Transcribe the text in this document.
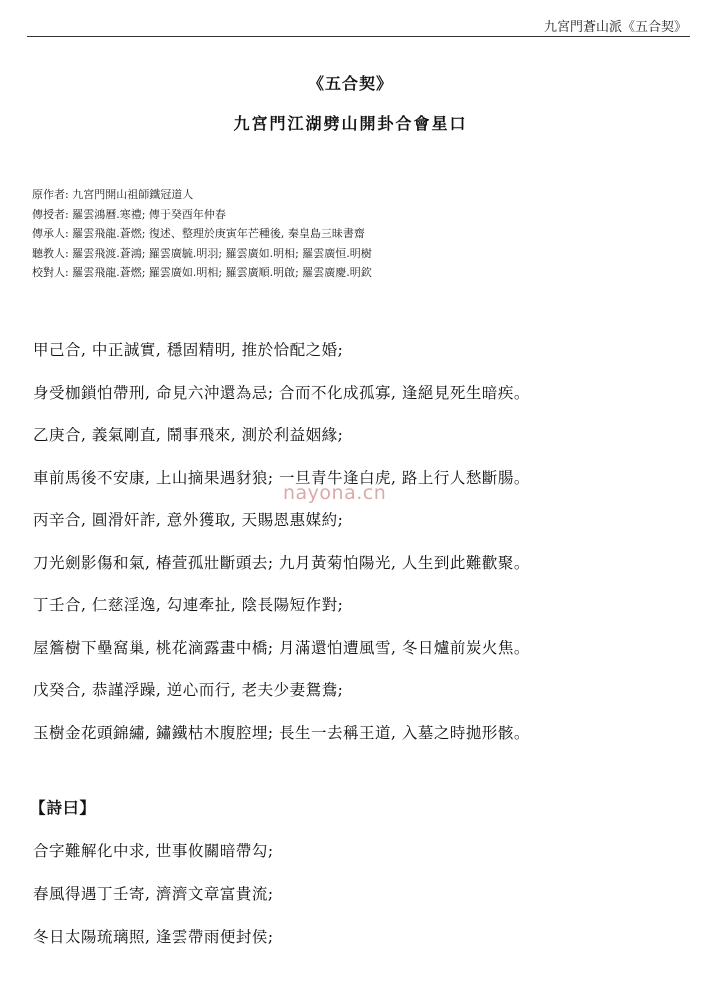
九宮門蒼山派《五合契》
《五合契》
九宮門江湖劈山開卦合會星口
原作者: 九宮門開山祖師鐵冠道人
傳授者: 羅雲鴻曆.寒禮; 傳于癸酉年仲春
傳承人: 羅雲飛龍.蒼燃; 復述、整理於庚寅年芒種後, 秦皇島三昧書齋
聽教人: 羅雲飛渡.蒼鴻; 羅雲廣毓.明羽; 羅雲廣如.明相; 羅雲廣恒.明樹
校對人: 羅雲飛龍.蒼燃; 羅雲廣如.明相; 羅雲廣順.明啟; 羅雲廣慶.明欽
甲己合, 中正誠實, 穩固精明, 推於恰配之婚;
身受枷鎖怕帶刑, 命見六沖還為忌; 合而不化成孤寡, 逢絕見死生暗疾。
乙庚合, 義氣剛直, 鬧事飛來, 測於利益姻緣;
車前馬後不安康, 上山摘果遇豺狼; 一旦青牛逢白虎, 路上行人愁斷腸。
丙辛合, 圓滑奸詐, 意外獲取, 天賜恩惠媒約;
刀光劍影傷和氣, 椿萱孤壯斷頭去; 九月黃菊怕陽光, 人生到此難歡聚。
丁壬合, 仁慈淫逸, 勾連牽扯, 陰長陽短作對;
屋簷樹下壘窩巢, 桃花滴露畫中橋; 月滿還怕遭風雪, 冬日爐前炭火焦。
戊癸合, 恭謹浮躁, 逆心而行, 老夫少妻鴛鴦;
玉樹金花頭錦繡, 鏽鐵枯木腹腔埋; 長生一去稱王道, 入墓之時拋形骸。
nayona.cn
【詩曰】
合字難解化中求, 世事攸關暗帶勾;
春風得遇丁壬寄, 濟濟文章富貴流;
冬日太陽琉璃照, 逢雲帶雨便封侯;
